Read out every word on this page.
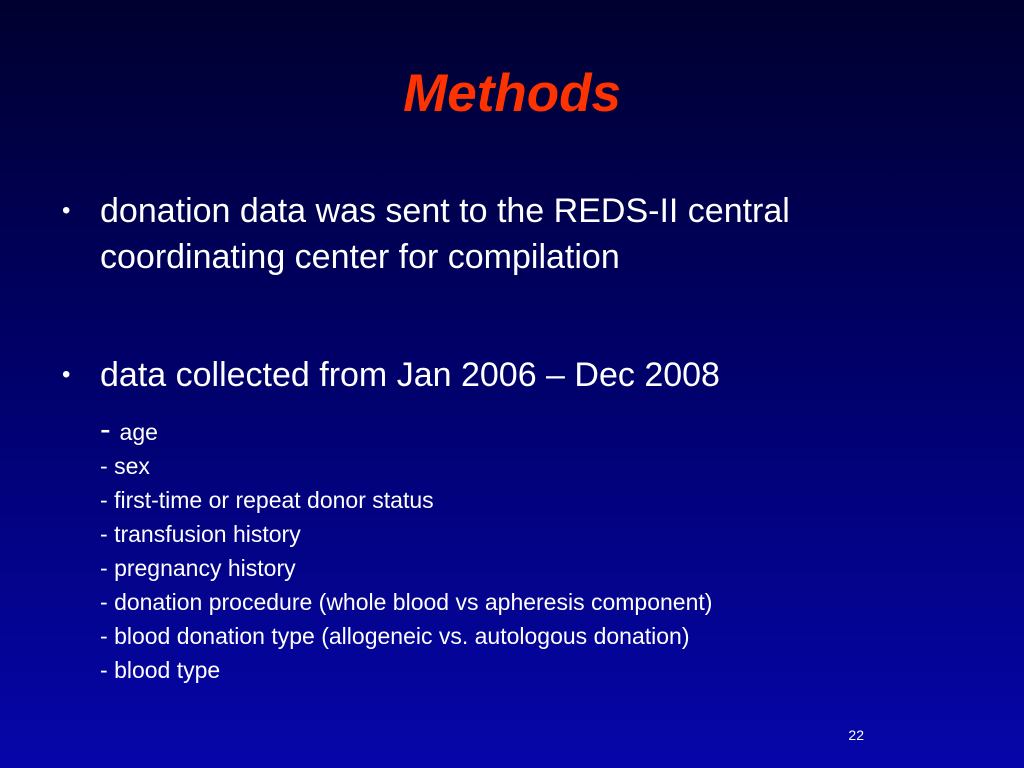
Methods
• donation data was sent to the REDS-II central coordinating center for compilation
• data collected from Jan 2006 – Dec 2008
- age
- sex
- first-time or repeat donor status
- transfusion history
- pregnancy history
- donation procedure (whole blood vs apheresis component)
- blood donation type (allogeneic vs. autologous donation)
- blood type
22
